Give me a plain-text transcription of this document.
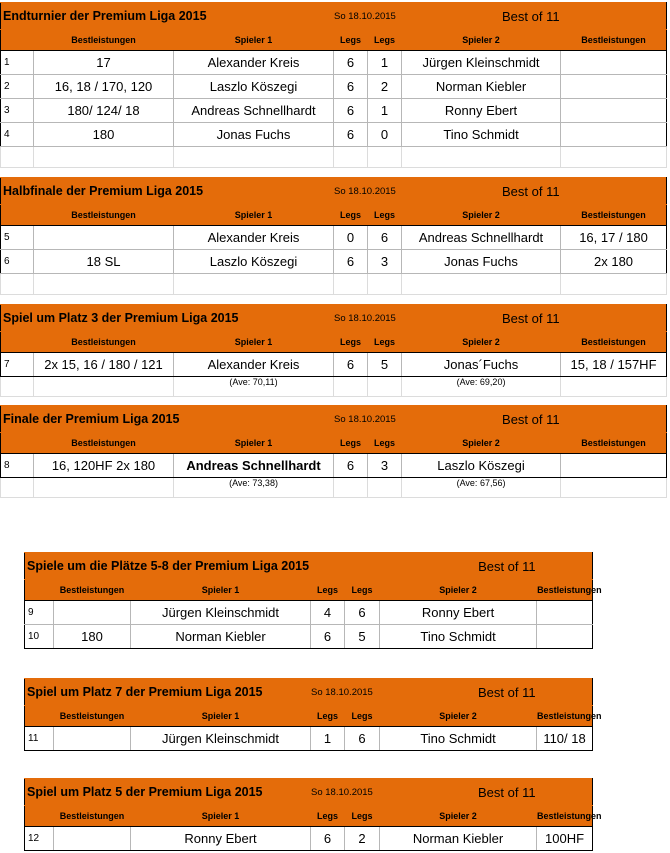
Endturnier der Premium Liga 2015			So 18.10.2015		Best of 11	
	Bestleistungen	Spieler 1	Legs	Legs	Spieler 2	Bestleistungen
1	17	Alexander Kreis	6	1	Jürgen Kleinschmidt	
2	16, 18 / 170, 120	Laszlo Köszegi	6	2	Norman Kiebler	
3	180/ 124/ 18	Andreas Schnellhardt	6	1	Ronny Ebert	
4	180	Jonas Fuchs	6	0	Tino Schmidt	

Halbfinale der Premium Liga 2015			So 18.10.2015		Best of 11	
	Bestleistungen	Spieler 1	Legs	Legs	Spieler 2	Bestleistungen
5		Alexander Kreis	0	6	Andreas Schnellhardt	16, 17 / 180
6	18 SL	Laszlo Köszegi	6	3	Jonas Fuchs	2x 180

Spiel um Platz 3 der Premium Liga 2015			So 18.10.2015		Best of 11	
	Bestleistungen	Spieler 1	Legs	Legs	Spieler 2	Bestleistungen
7	2x 15, 16 / 180 / 121	Alexander Kreis	6	5	Jonas´Fuchs	15, 18 / 157HF
		(Ave: 70,11)			(Ave: 69,20)	
Finale der Premium Liga 2015			So 18.10.2015		Best of 11	
	Bestleistungen	Spieler 1	Legs	Legs	Spieler 2	Bestleistungen
8	16, 120HF 2x 180	Andreas Schnellhardt	6	3	Laszlo Köszegi	
		(Ave: 73,38)			(Ave: 67,56)	
Spiele um die Plätze 5-8 der Premium Liga 2015					Best of 11	
	Bestleistungen	Spieler 1	Legs	Legs	Spieler 2	Bestleistungen
9		Jürgen Kleinschmidt	4	6	Ronny Ebert	
10	180	Norman Kiebler	6	5	Tino Schmidt	
Spiel um Platz 7 der Premium Liga 2015			So 18.10.2015		Best of 11	
	Bestleistungen	Spieler 1	Legs	Legs	Spieler 2	Bestleistungen
11		Jürgen Kleinschmidt	1	6	Tino Schmidt	110/ 18
Spiel um Platz 5 der Premium Liga 2015			So 18.10.2015		Best of 11	
	Bestleistungen	Spieler 1	Legs	Legs	Spieler 2	Bestleistungen
12		Ronny Ebert	6	2	Norman Kiebler	100HF
